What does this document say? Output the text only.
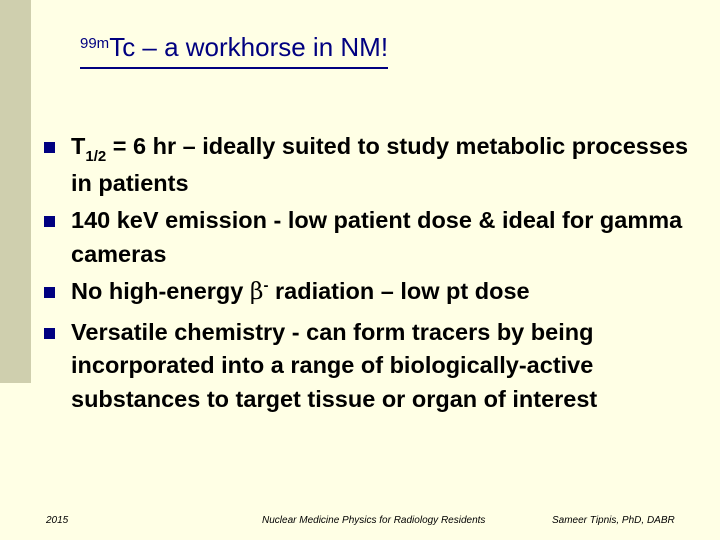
$^{99m}$Tc – a workhorse in NM!
$T_{1/2} = 6$ hr – ideally suited to study metabolic processes in patients
140 keV emission - low patient dose & ideal for gamma cameras
No high-energy β- radiation – low pt dose
Versatile chemistry - can form tracers by being incorporated into a range of biologically-active substances to target tissue or organ of interest
2015	Nuclear Medicine Physics for Radiology Residents	Sameer Tipnis, PhD, DABR
